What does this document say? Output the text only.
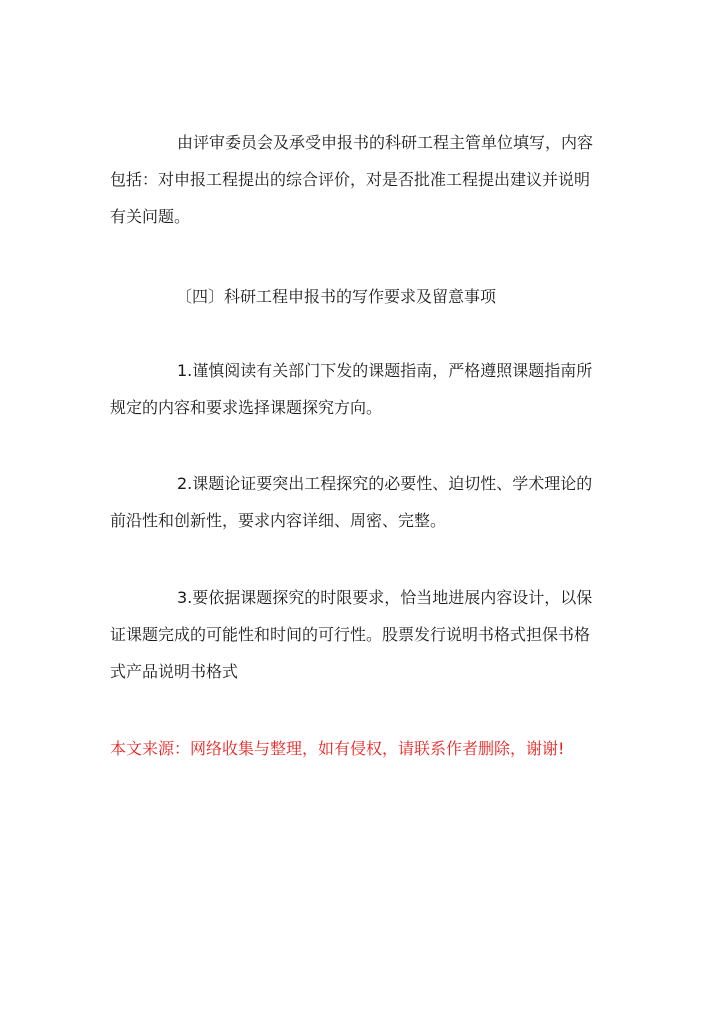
由评审委员会及承受申报书的科研工程主管单位填写，内容
包括：对申报工程提出的综合评价，对是否批准工程提出建议并说明
有关问题。
〔四〕科研工程申报书的写作要求及留意事项
1.谨慎阅读有关部门下发的课题指南，严格遵照课题指南所
规定的内容和要求选择课题探究方向。
2.课题论证要突出工程探究的必要性、迫切性、学术理论的
前沿性和创新性，要求内容详细、周密、完整。
3.要依据课题探究的时限要求，恰当地进展内容设计，以保
证课题完成的可能性和时间的可行性。股票发行说明书格式担保书格
式产品说明书格式
本文来源：网络收集与整理，如有侵权，请联系作者删除，谢谢!
